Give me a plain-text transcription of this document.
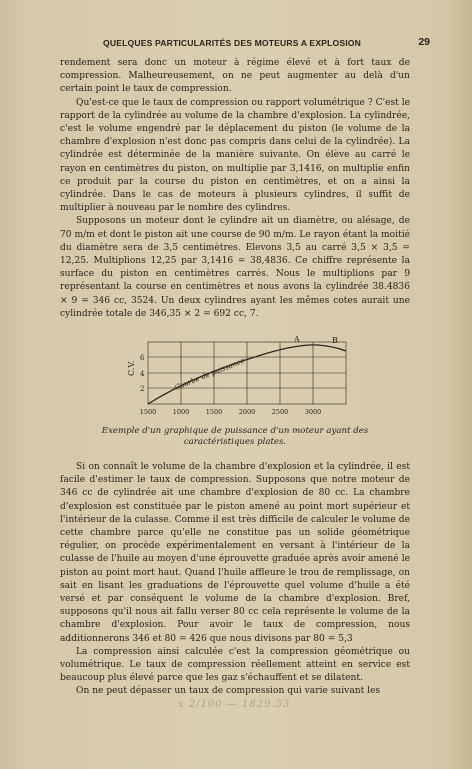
QUELQUES PARTICULARITÉS DES MOTEURS A EXPLOSION	29

rendement sera donc un moteur à régime élevé et à fort taux de compression. Malheureusement, on ne peut augmenter au delà d'un certain point le taux de compression.

Qu'est-ce que le taux de compression ou rapport volumétrique ? C'est le rapport de la cylindrée au volume de la chambre d'explosion. La cylindrée, c'est le volume engendré par le déplacement du piston (le volume de la chambre d'explosion n'est donc pas compris dans celui de la cylindrée). La cylindrée est déterminée de la manière suivante. On élève au carré le rayon en centimètres du piston, on multiplie par 3,1416, on multiplie enfin ce produit par la course du piston en centimètres, et on a ainsi la cylindrée. Dans le cas de moteurs à plusieurs cylindres, il suffit de multiplier à nouveau par le nombre des cylindres.

Supposons un moteur dont le cylindre ait un diamètre, ou alésage, de 70 m/m et dont le piston ait une course de 90 m/m. Le rayon étant la moitié du diamètre sera de 3,5 centimètres. Elevons 3,5 au carré 3,5 × 3,5 = 12,25. Multiplions 12,25 par 3,1416 = 38,4836. Ce chiffre représente la surface du piston en centimètres carrés. Nous le multiplions par 9 représentant la course en centimètres et nous avons la cylindrée 38.4836 × 9 = 346 cc, 3524. Un deux cylindres ayant les mêmes cotes aurait une cylindrée totale de 346,35 × 2 = 692 cc, 7.

C.V.
6
4
2
1500	1000	1500	2000	2500	3000
Courbe de puissance
A	B
Exemple d'un graphique de puissance d'un moteur ayant des caractéristiques plates.

Si on connaît le volume de la chambre d'explosion et la cylindrée, il est facile d'estimer le taux de compression. Supposons que notre moteur de 346 cc de cylindrée ait une chambre d'explosion de 80 cc. La chambre d'explosion est constituée par le piston amené au point mort supérieur et l'intérieur de la culasse. Comme il est très difficile de calculer le volume de cette chambre parce qu'elle ne constitue pas un solide géométrique régulier, on procède expérimentalement en versant à l'intérieur de la culasse de l'huile au moyen d'une éprouvette graduée après avoir amené le piston au point mort haut. Quand l'huile affleure le trou de remplissage, on sait en lisant les graduations de l'éprouvette quel volume d'huile a été versé et par conséquent le volume de la chambre d'explosion. Bref, supposons qu'il nous ait fallu verser 80 cc cela représente le volume de la chambre d'explosion. Pour avoir le taux de compression, nous additionnerons 346 et 80 = 426 que nous divisons par 80 = 5,3

La compression ainsi calculée c'est la compression géométrique ou volumétrique. Le taux de compression réellement atteint en service est beaucoup plus élevé parce que les gaz s'échauffent et se dilatent.

On ne peut dépasser un taux de compression qui varie suivant les

x 2/100 — 1829.53
